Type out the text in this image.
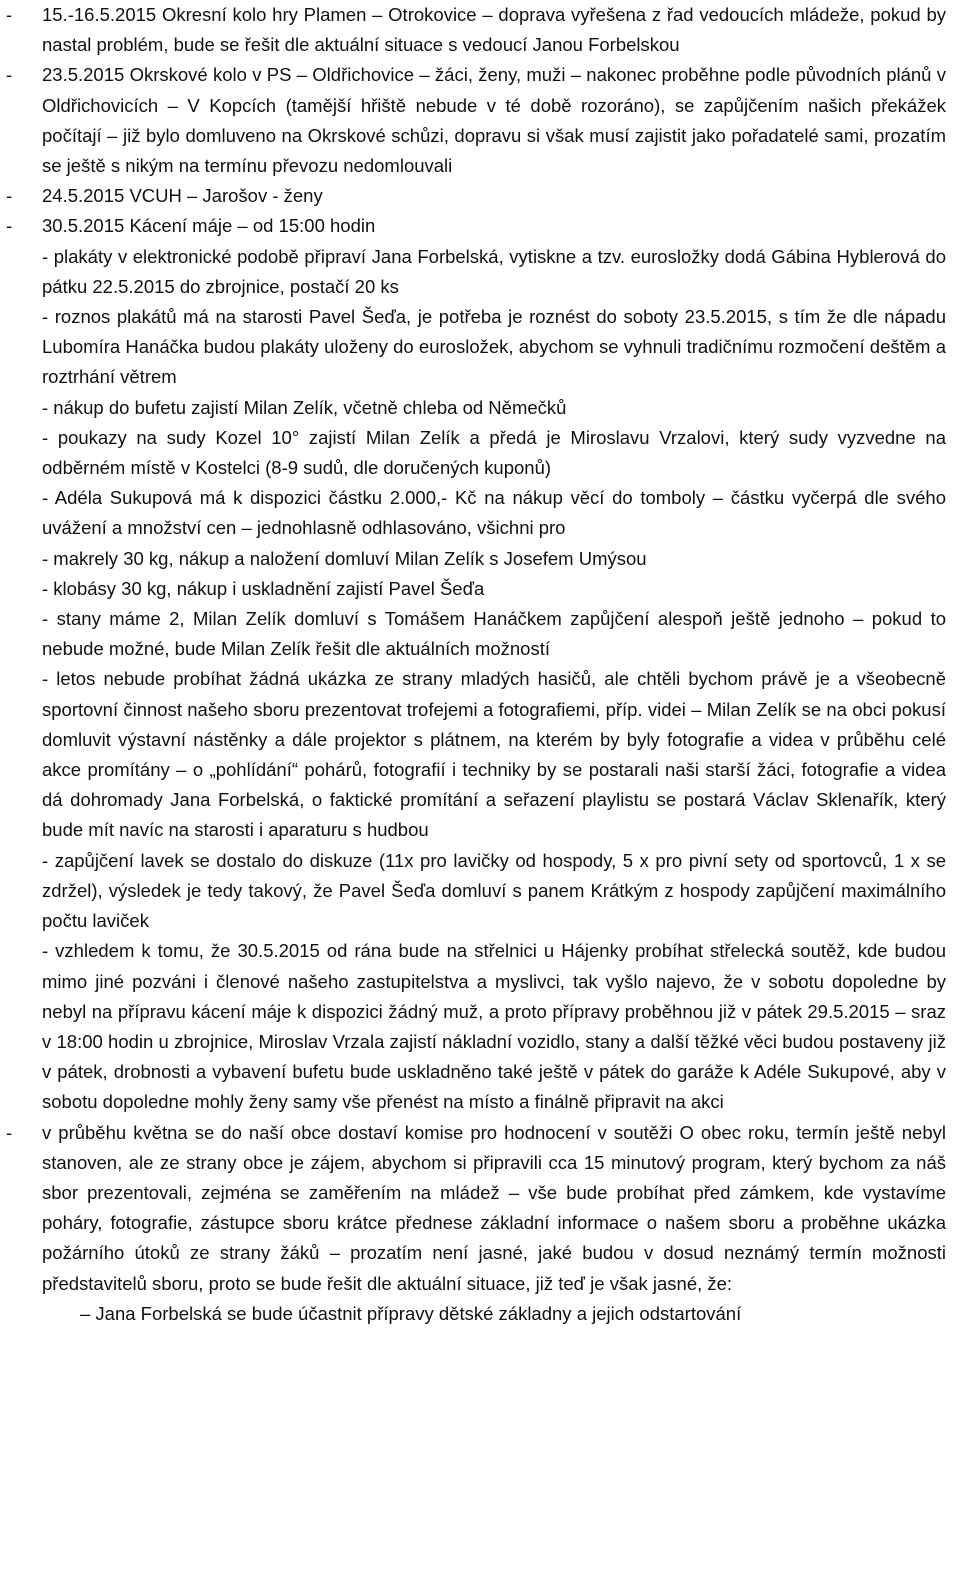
-	15.-16.5.2015 Okresní kolo hry Plamen – Otrokovice – doprava vyřešena z řad vedoucích mládeže, pokud by nastal problém, bude se řešit dle aktuální situace s vedoucí Janou Forbelskou

-	23.5.2015 Okrskové kolo v PS – Oldřichovice – žáci, ženy, muži – nakonec proběhne podle původních plánů v Oldřichovicích – V Kopcích (tamější hřiště nebude v té době rozoráno), se zapůjčením našich překážek počítají – již bylo domluveno na Okrskové schůzi, dopravu si však musí zajistit jako pořadatelé sami, prozatím se ještě s nikým na termínu převozu nedomlouvali

-	24.5.2015 VCUH – Jarošov - ženy

-	30.5.2015 Kácení máje – od 15:00 hodin

- plakáty v elektronické podobě připraví Jana Forbelská, vytiskne a tzv. eurosložky dodá Gábina Hyblerová do pátku 22.5.2015 do zbrojnice, postačí 20 ks

- roznos plakátů má na starosti Pavel Šeďa, je potřeba je roznést do soboty 23.5.2015, s tím že dle nápadu Lubomíra Hanáčka budou plakáty uloženy do eurosložek, abychom se vyhnuli tradičnímu rozmočení deštěm a roztrhání větrem

- nákup do bufetu zajistí Milan Zelík, včetně chleba od Němečků

- poukazy na sudy Kozel 10° zajistí Milan Zelík a předá je Miroslavu Vrzalovi, který sudy vyzvedne na odběrném místě v Kostelci (8-9 sudů, dle doručených kuponů)

- Adéla Sukupová má k dispozici částku 2.000,- Kč na nákup věcí do tomboly – částku vyčerpá dle svého uvážení a množství cen – jednohlasně odhlasováno, všichni pro

- makrely 30 kg, nákup a naložení domluví Milan Zelík s Josefem Umýsou

- klobásy 30 kg, nákup i uskladnění zajistí Pavel Šeďa

- stany máme 2, Milan Zelík domluví s Tomášem Hanáčkem zapůjčení alespoň ještě jednoho – pokud to nebude možné, bude Milan Zelík řešit dle aktuálních možností

- letos nebude probíhat žádná ukázka ze strany mladých hasičů, ale chtěli bychom právě je a všeobecně sportovní činnost našeho sboru prezentovat trofejemi a fotografiemi, příp. videi – Milan Zelík se na obci pokusí domluvit výstavní nástěnky a dále projektor s plátnem, na kterém by byly fotografie a videa v průběhu celé akce promítány – o „pohlídání“ pohárů, fotografií i techniky by se postarali naši starší žáci, fotografie a videa dá dohromady Jana Forbelská, o faktické promítání a seřazení playlistu se postará Václav Sklenařík, který bude mít navíc na starosti i aparaturu s hudbou

- zapůjčení lavek se dostalo do diskuze (11x pro lavičky od hospody, 5 x pro pivní sety od sportovců, 1 x se zdržel), výsledek je tedy takový, že Pavel Šeďa domluví s panem Krátkým z hospody zapůjčení maximálního počtu laviček

- vzhledem k tomu, že 30.5.2015 od rána bude na střelnici u Hájenky probíhat střelecká soutěž, kde budou mimo jiné pozváni i členové našeho zastupitelstva a myslivci, tak vyšlo najevo, že v sobotu dopoledne by nebyl na přípravu kácení máje k dispozici žádný muž, a proto přípravy proběhnou již v pátek 29.5.2015 – sraz v 18:00 hodin u zbrojnice, Miroslav Vrzala zajistí nákladní vozidlo, stany a další těžké věci budou postaveny již v pátek, drobnosti a vybavení bufetu bude uskladněno také ještě v pátek do garáže k Adéle Sukupové, aby v sobotu dopoledne mohly ženy samy vše přenést na místo a finálně připravit na akci

-	v průběhu května se do naší obce dostaví komise pro hodnocení v soutěži O obec roku, termín ještě nebyl stanoven, ale ze strany obce je zájem, abychom si připravili cca 15 minutový program, který bychom za náš sbor prezentovali, zejména se zaměřením na mládež – vše bude probíhat před zámkem, kde vystavíme poháry, fotografie, zástupce sboru krátce přednese základní informace o našem sboru a proběhne ukázka požárního útoků ze strany žáků – prozatím není jasné, jaké budou v dosud neznámý termín možnosti představitelů sboru, proto se bude řešit dle aktuální situace, již teď je však jasné, že:

– Jana Forbelská se bude účastnit přípravy dětské základny a jejich odstartování
